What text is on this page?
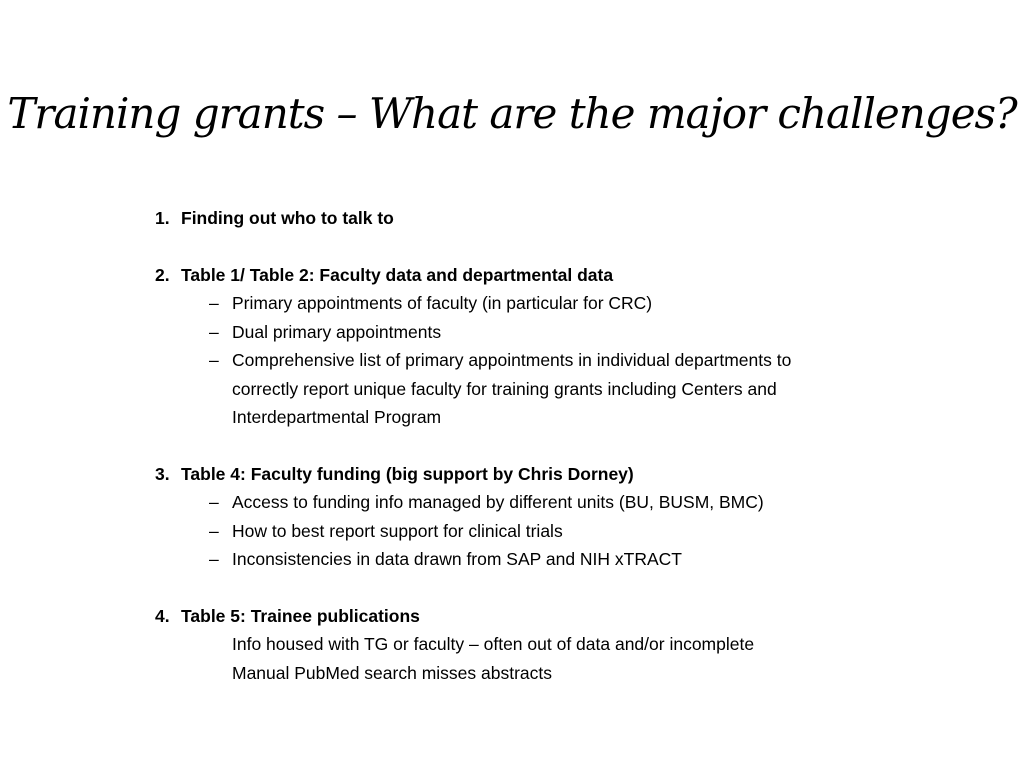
Training grants – What are the major challenges?
1. Finding out who to talk to
2. Table 1/ Table 2: Faculty data and departmental data
– Primary appointments of faculty (in particular for CRC)
– Dual primary appointments
– Comprehensive list of primary appointments in individual departments to correctly report unique faculty for training grants including Centers and Interdepartmental Program
3. Table 4: Faculty funding (big support by Chris Dorney)
– Access to funding info managed by different units (BU, BUSM, BMC)
– How to best report support for clinical trials
– Inconsistencies in data drawn from SAP and NIH xTRACT
4. Table 5: Trainee publications
Info housed with TG or faculty – often out of data and/or incomplete
Manual PubMed search misses abstracts
